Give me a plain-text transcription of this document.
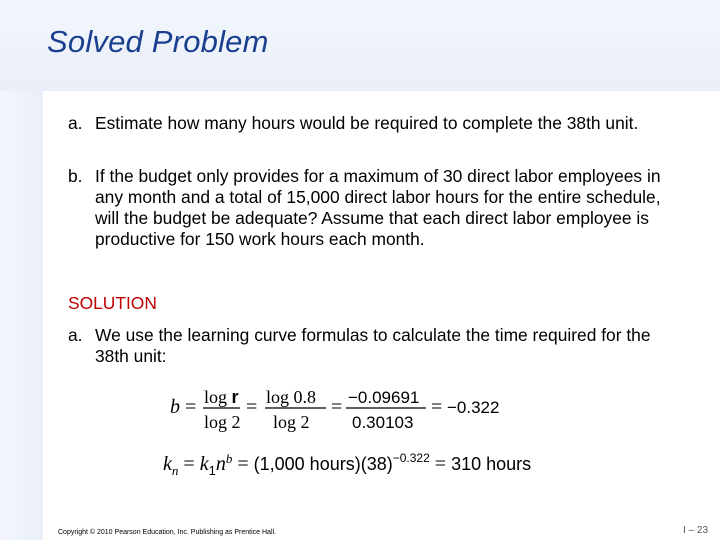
Solved Problem
a. Estimate how many hours would be required to complete the 38th unit.
b. If the budget only provides for a maximum of 30 direct labor employees in any month and a total of 15,000 direct labor hours for the entire schedule, will the budget be adequate? Assume that each direct labor employee is productive for 150 work hours each month.
SOLUTION
a. We use the learning curve formulas to calculate the time required for the 38th unit:
b = log r
log 2
= log 0.8
log 2
= −0.09691
0.30103
= −0.322
$k_n = k_1n^b = (1,000$ $hours)(38)^{-0.322} = 310$ hours
Copyright © 2010 Pearson Education, Inc. Publishing as Prentice Hall.	I – 23
